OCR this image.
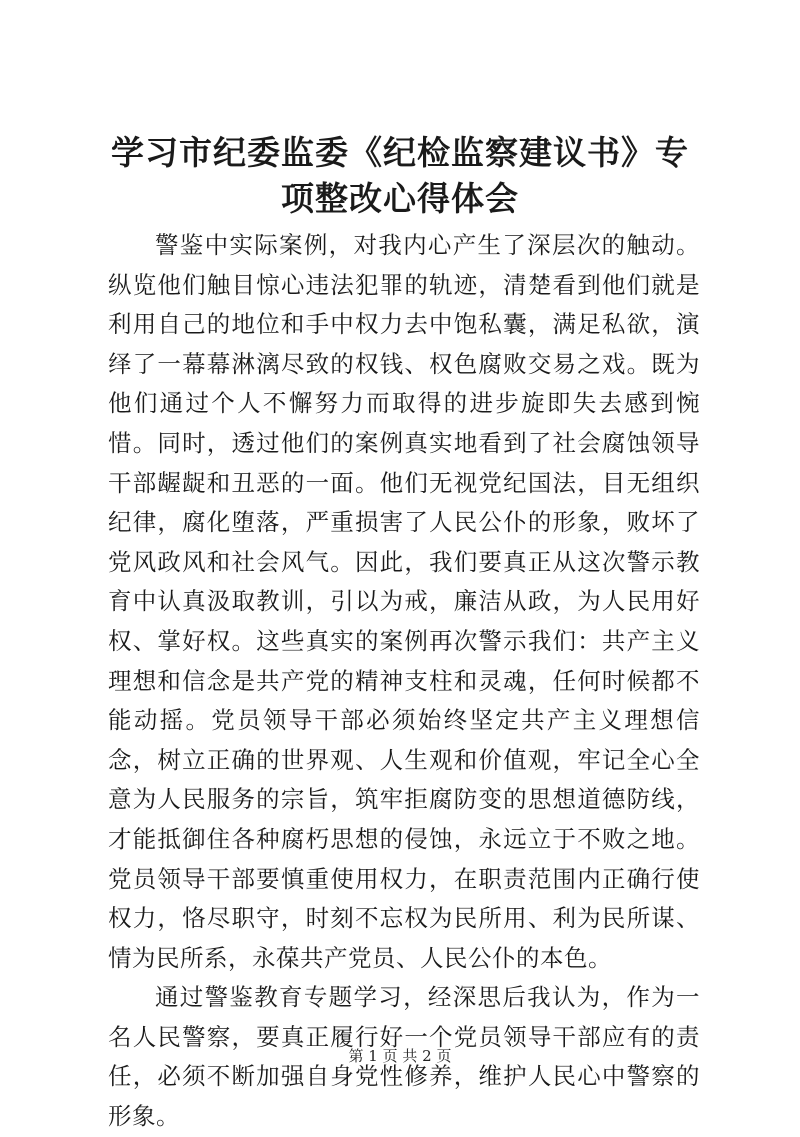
学习市纪委监委《纪检监察建议书》专项整改心得体会

警鉴中实际案例，对我内心产生了深层次的触动。纵览他们触目惊心违法犯罪的轨迹，清楚看到他们就是利用自己的地位和手中权力去中饱私囊，满足私欲，演绎了一幕幕淋漓尽致的权钱、权色腐败交易之戏。既为他们通过个人不懈努力而取得的进步旋即失去感到惋惜。同时，透过他们的案例真实地看到了社会腐蚀领导干部龌龊和丑恶的一面。他们无视党纪国法，目无组织纪律，腐化堕落，严重损害了人民公仆的形象，败坏了党风政风和社会风气。因此，我们要真正从这次警示教育中认真汲取教训，引以为戒，廉洁从政，为人民用好权、掌好权。这些真实的案例再次警示我们：共产主义理想和信念是共产党的精神支柱和灵魂，任何时候都不能动摇。党员领导干部必须始终坚定共产主义理想信念，树立正确的世界观、人生观和价值观，牢记全心全意为人民服务的宗旨，筑牢拒腐防变的思想道德防线，才能抵御住各种腐朽思想的侵蚀，永远立于不败之地。党员领导干部要慎重使用权力，在职责范围内正确行使权力，恪尽职守，时刻不忘权为民所用、利为民所谋、情为民所系，永葆共产党员、人民公仆的本色。

通过警鉴教育专题学习，经深思后我认为，作为一名人民警察，要真正履行好一个党员领导干部应有的责任，必须不断加强自身党性修养，维护人民心中警察的形象。

第 1 页 共 2 页
